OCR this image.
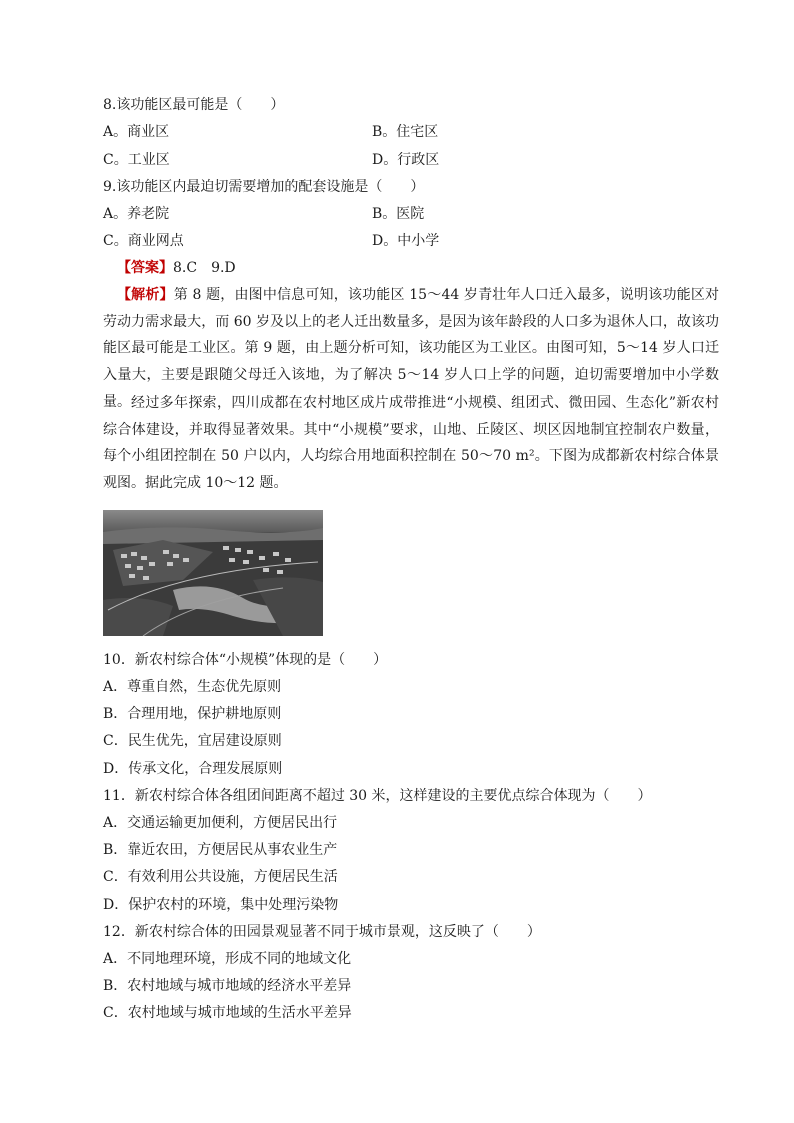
8.该功能区最可能是（　　）
A。商业区	B。住宅区
C。工业区	D。行政区
9.该功能区内最迫切需要增加的配套设施是（　　）
A。养老院	B。医院
C。商业网点	D。中小学
【答案】8.C　9.D
【解析】第 8 题，由图中信息可知，该功能区 15～44 岁青壮年人口迁入最多，说明该功能区对劳动力需求最大，而 60 岁及以上的老人迁出数量多，是因为该年龄段的人口多为退休人口，故该功能区最可能是工业区。第 9 题，由上题分析可知，该功能区为工业区。由图可知，5～14 岁人口迁入量大，主要是跟随父母迁入该地，为了解决 5～14 岁人口上学的问题，迫切需要增加中小学数量。 经过多年探索，四川成都在农村地区成片成带推进“小规模、组团式、微田园、生态化”新农村综合体建设，并取得显著效果。其中“小规模”要求，山地、丘陵区、坝区因地制宜控制农户数量，每个小组团控制在 50 户以内，人均综合用地面积控制在 50～70 m²。下图为成都新农村综合体景观图。据此完成 10～12 题。
10．新农村综合体“小规模”体现的是（　　）
A．尊重自然，生态优先原则
B．合理用地，保护耕地原则
C．民生优先，宜居建设原则
D．传承文化，合理发展原则
11．新农村综合体各组团间距离不超过 30 米，这样建设的主要优点综合体现为（　　）
A．交通运输更加便利，方便居民出行
B．靠近农田，方便居民从事农业生产
C．有效利用公共设施，方便居民生活
D．保护农村的环境，集中处理污染物
12．新农村综合体的田园景观显著不同于城市景观，这反映了（　　）
A．不同地理环境，形成不同的地域文化
B．农村地域与城市地域的经济水平差异
C．农村地域与城市地域的生活水平差异
